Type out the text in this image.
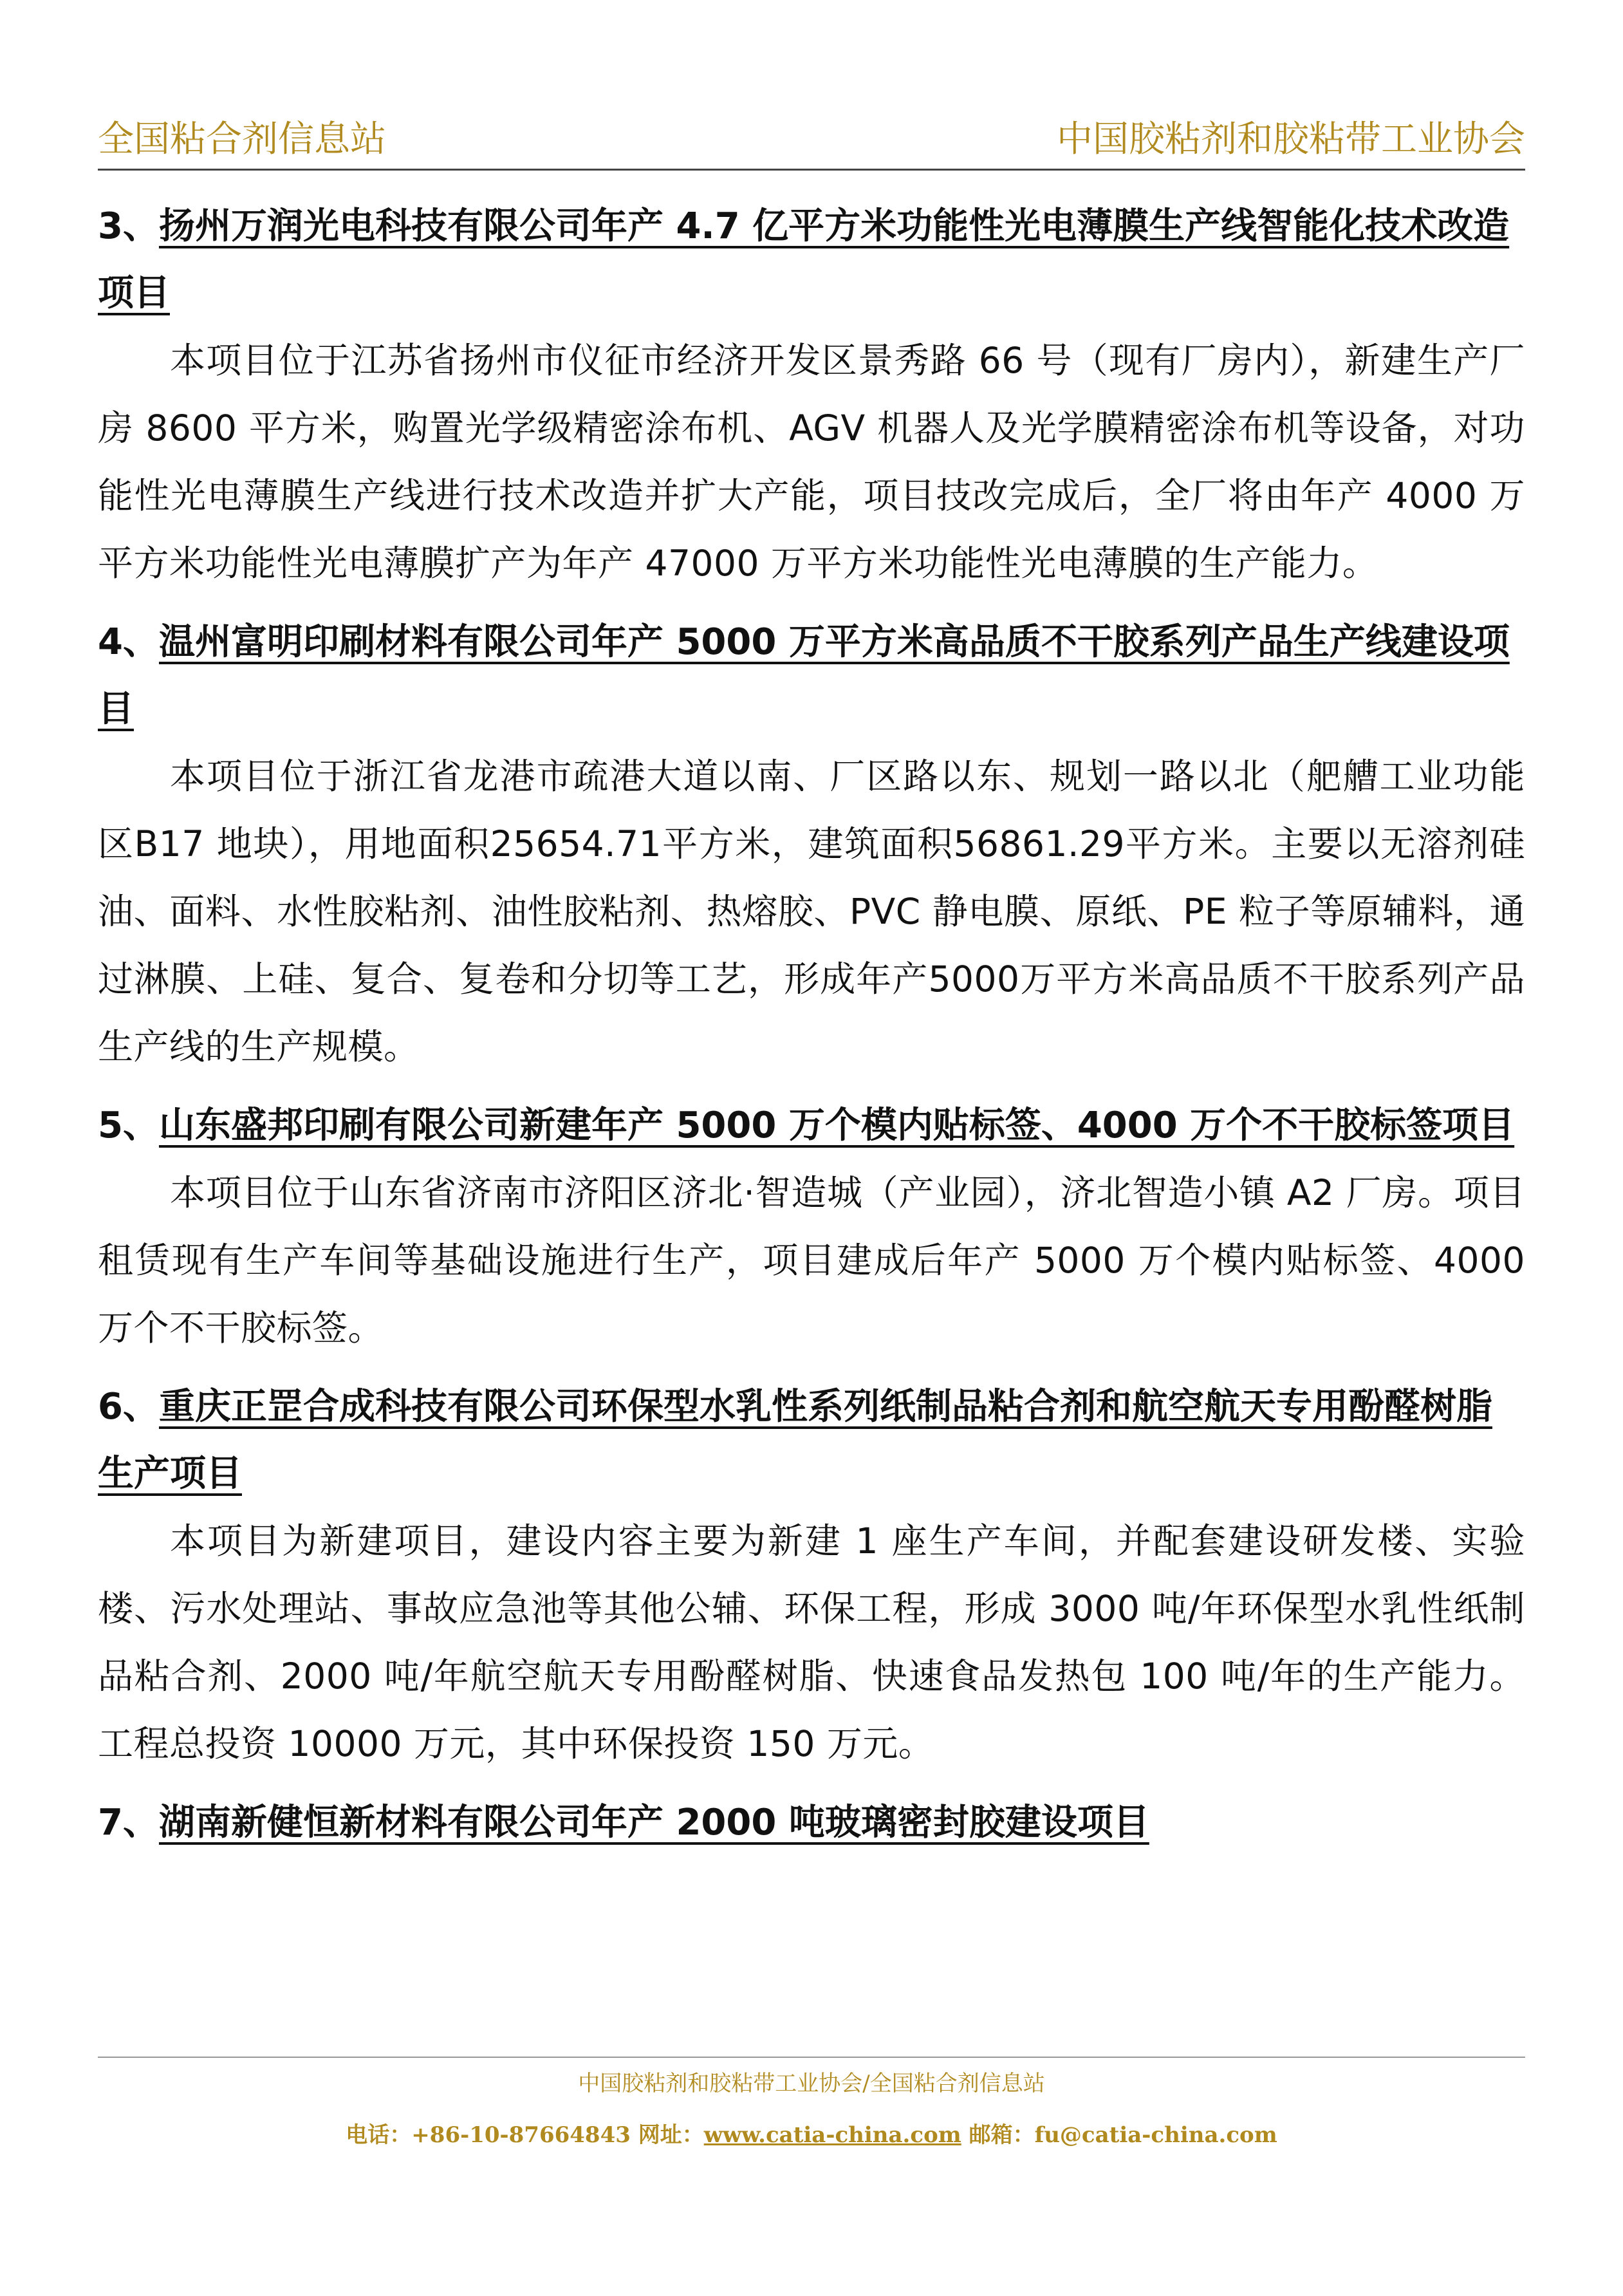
全国粘合剂信息站	中国胶粘剂和胶粘带工业协会

3、扬州万润光电科技有限公司年产 4.7 亿平方米功能性光电薄膜生产线智能化技术改造项目

本项目位于江苏省扬州市仪征市经济开发区景秀路 66 号（现有厂房内），新建生产厂房 8600 平方米，购置光学级精密涂布机、AGV 机器人及光学膜精密涂布机等设备，对功能性光电薄膜生产线进行技术改造并扩大产能，项目技改完成后，全厂将由年产 4000 万平方米功能性光电薄膜扩产为年产 47000 万平方米功能性光电薄膜的生产能力。

4、温州富明印刷材料有限公司年产 5000 万平方米高品质不干胶系列产品生产线建设项目

本项目位于浙江省龙港市疏港大道以南、厂区路以东、规划一路以北（舥艚工业功能区B17 地块），用地面积25654.71平方米，建筑面积56861.29平方米。主要以无溶剂硅油、面料、水性胶粘剂、油性胶粘剂、热熔胶、PVC 静电膜、原纸、PE 粒子等原辅料，通过淋膜、上硅、复合、复卷和分切等工艺，形成年产5000万平方米高品质不干胶系列产品生产线的生产规模。

5、山东盛邦印刷有限公司新建年产 5000 万个模内贴标签、4000 万个不干胶标签项目

本项目位于山东省济南市济阳区济北·智造城（产业园），济北智造小镇 A2 厂房。项目租赁现有生产车间等基础设施进行生产，项目建成后年产 5000 万个模内贴标签、4000 万个不干胶标签。

6、重庆正罡合成科技有限公司环保型水乳性系列纸制品粘合剂和航空航天专用酚醛树脂生产项目

本项目为新建项目，建设内容主要为新建 1 座生产车间，并配套建设研发楼、实验楼、污水处理站、事故应急池等其他公辅、环保工程，形成 3000 吨/年环保型水乳性纸制品粘合剂、2000 吨/年航空航天专用酚醛树脂、快速食品发热包 100 吨/年的生产能力。工程总投资 10000 万元，其中环保投资 150 万元。

7、湖南新健恒新材料有限公司年产 2000 吨玻璃密封胶建设项目

中国胶粘剂和胶粘带工业协会/全国粘合剂信息站
电话：+86-10-87664843 网址：www.catia-china.com 邮箱：fu@catia-china.com
